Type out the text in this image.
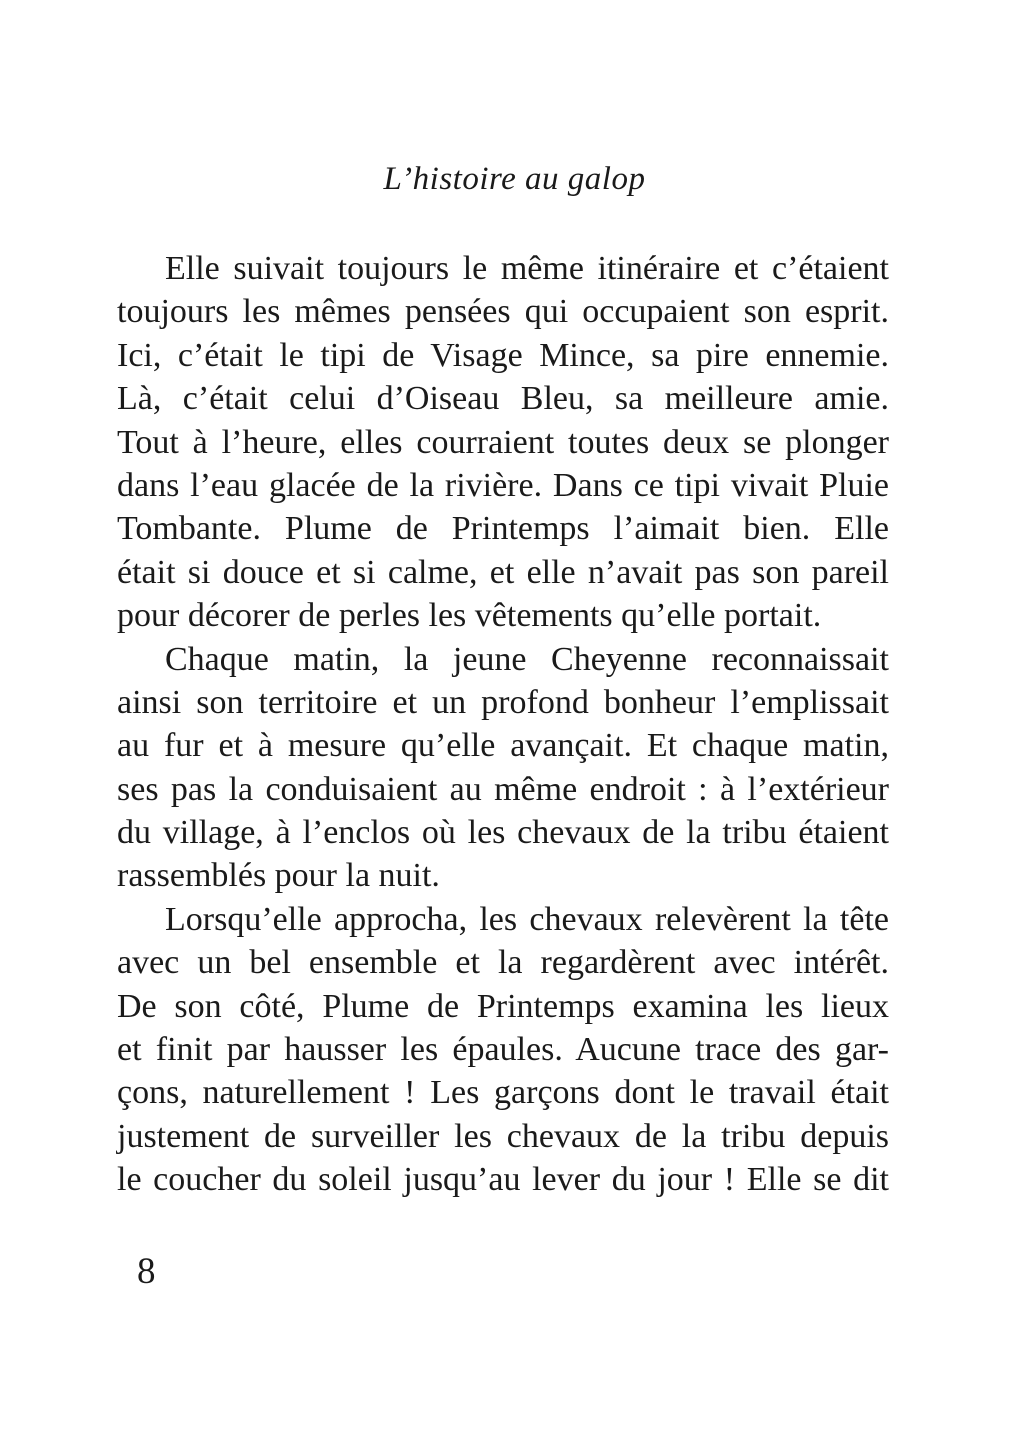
L’histoire au galop
Elle suivait toujours le même itinéraire et c’étaient
toujours les mêmes pensées qui occupaient son esprit.
Ici, c’était le tipi de Visage Mince, sa pire ennemie.
Là, c’était celui d’Oiseau Bleu, sa meilleure amie.
Tout à l’heure, elles courraient toutes deux se plonger
dans l’eau glacée de la rivière. Dans ce tipi vivait Pluie
Tombante. Plume de Printemps l’aimait bien. Elle
était si douce et si calme, et elle n’avait pas son pareil
pour décorer de perles les vêtements qu’elle portait.
Chaque matin, la jeune Cheyenne reconnaissait
ainsi son territoire et un profond bonheur l’emplissait
au fur et à mesure qu’elle avançait. Et chaque matin,
ses pas la conduisaient au même endroit : à l’extérieur
du village, à l’enclos où les chevaux de la tribu étaient
rassemblés pour la nuit.
Lorsqu’elle approcha, les chevaux relevèrent la tête
avec un bel ensemble et la regardèrent avec intérêt.
De son côté, Plume de Printemps examina les lieux
et finit par hausser les épaules. Aucune trace des gar-
çons, naturellement ! Les garçons dont le travail était
justement de surveiller les chevaux de la tribu depuis
le coucher du soleil jusqu’au lever du jour ! Elle se dit
8
